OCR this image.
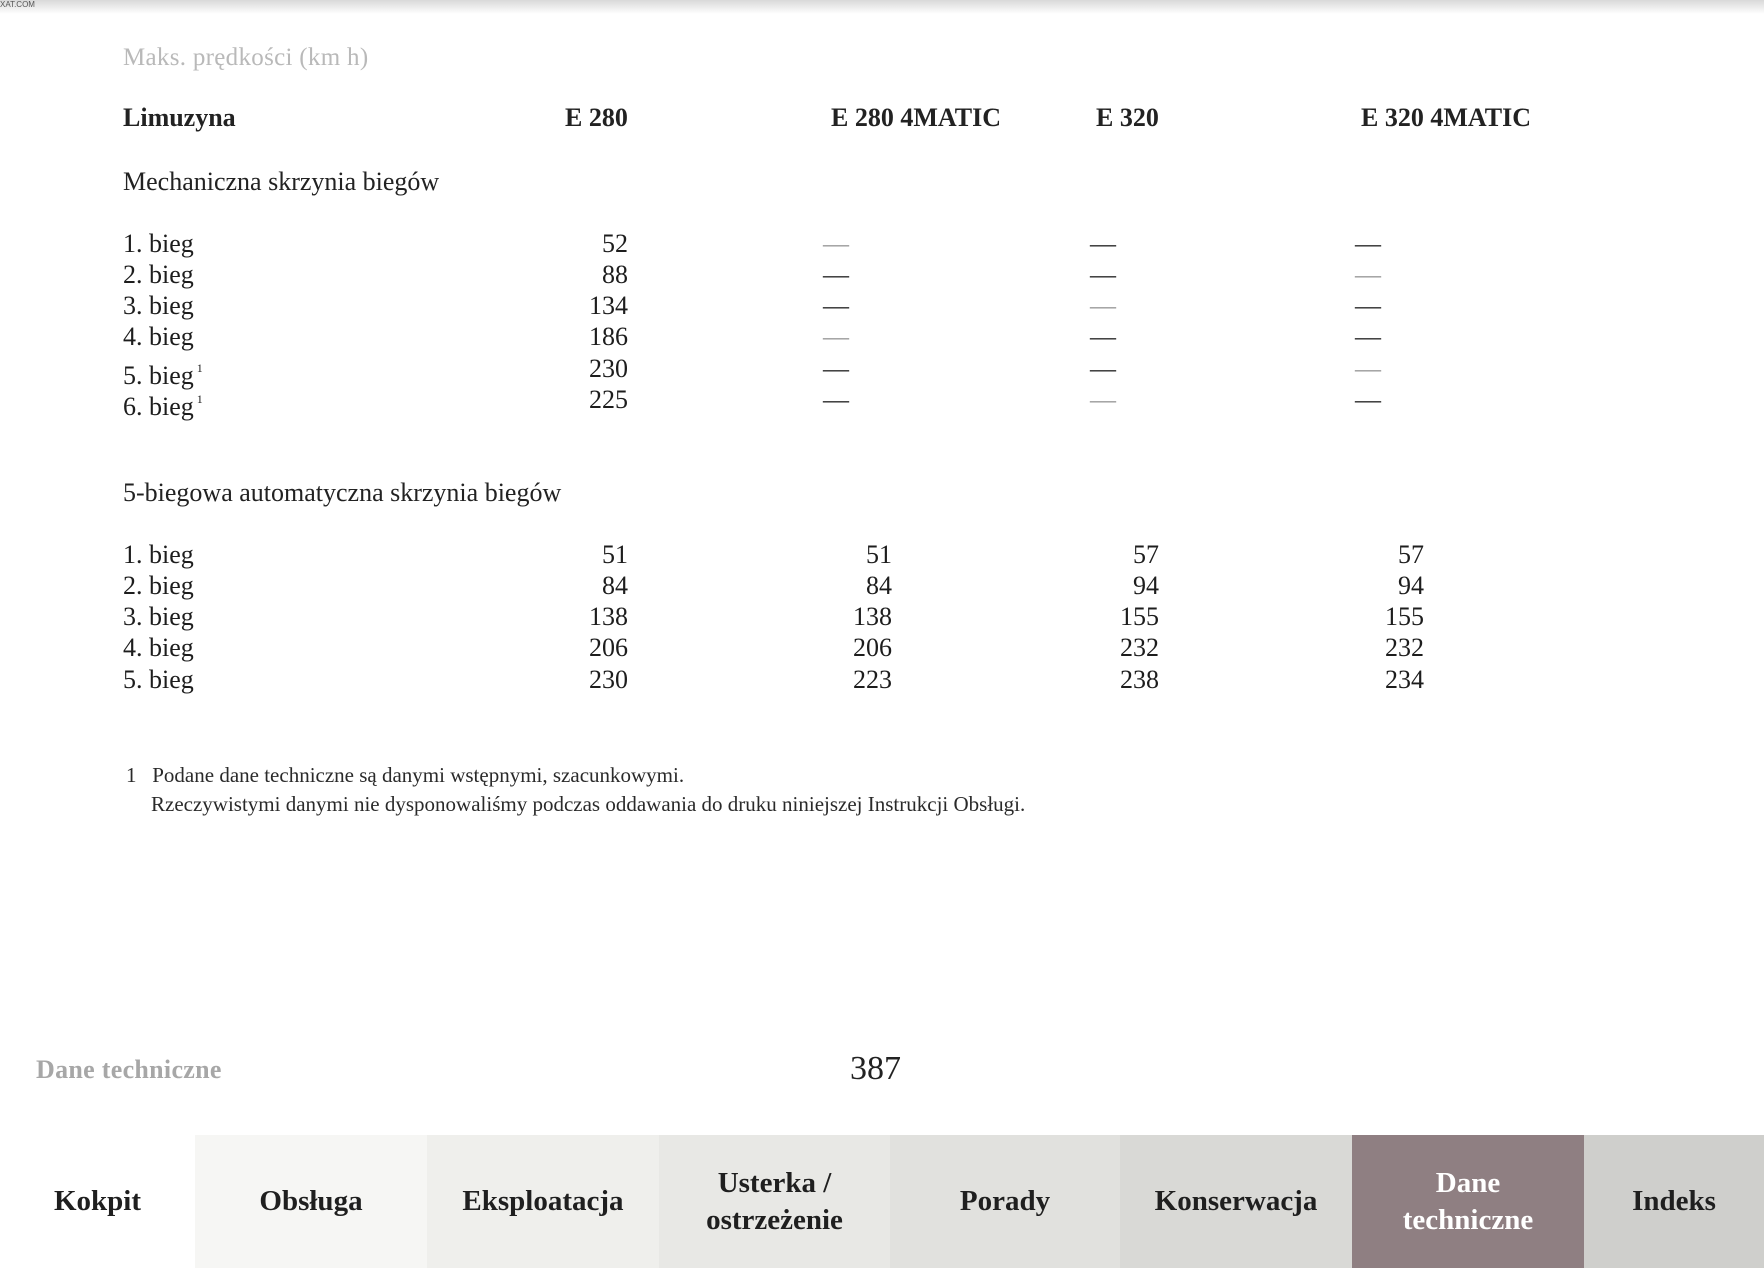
XAT.COM
Maks. prędkości (km h)
Limuzyna	E 280	E 280 4MATIC	E 320	E 320 4MATIC
Mechaniczna skrzynia biegów
1. bieg	52	—	—	—
2. bieg	88	—	—	—
3. bieg	134	—	—	—
4. bieg	186	—	—	—
5. bieg $^1$	230	—	—	—
6. bieg $^1$	225	—	—	—
5-biegowa automatyczna skrzynia biegów
1. bieg	51	51	57	57
2. bieg	84	84	94	94
3. bieg	138	138	155	155
4. bieg	206	206	232	232
5. bieg	230	223	238	234
1 Podane dane techniczne są danymi wstępnymi, szacunkowymi.
Rzeczywistymi danymi nie dysponowaliśmy podczas oddawania do druku niniejszej Instrukcji Obsługi.
Dane techniczne	387
Kokpit	Obsługa	Eksploatacja
Usterka / ostrzeżenie
Porady	Konserwacja
Dane techniczne
Indeks
